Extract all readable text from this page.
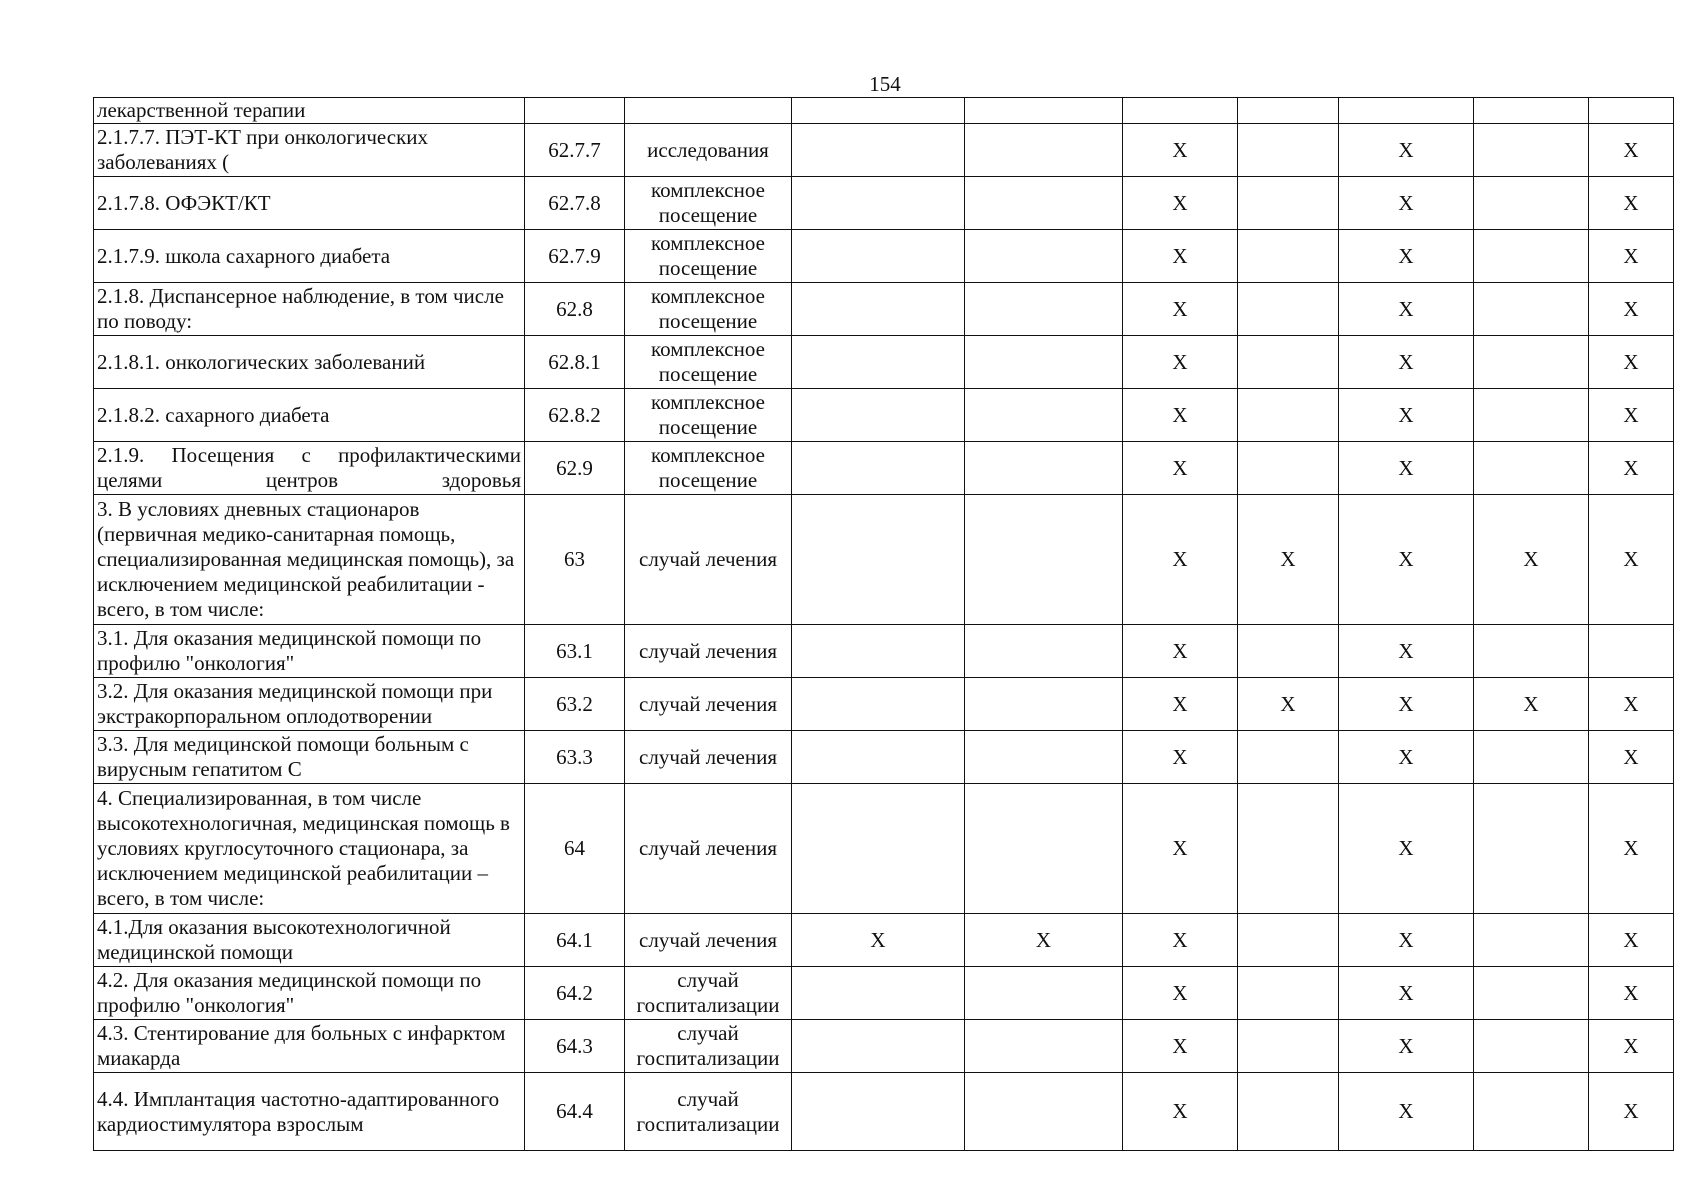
154
лекарственной терапии									
2.1.7.7. ПЭТ-КТ при онкологических заболеваниях (	62.7.7	исследования			X		X		X
2.1.7.8. ОФЭКТ/КТ	62.7.8	комплексное посещение			X		X		X
2.1.7.9. школа сахарного диабета	62.7.9	комплексное посещение			X		X		X
2.1.8. Диспансерное наблюдение, в том числе по поводу:	62.8	комплексное посещение			X		X		X
2.1.8.1. онкологических заболеваний	62.8.1	комплексное посещение			X		X		X
2.1.8.2. сахарного диабета	62.8.2	комплексное посещение			X		X		X
2.1.9. Посещения с профилактическими целями центров здоровья	62.9	комплексное посещение			X		X		X
3. В условиях дневных стационаров (первичная медико-санитарная помощь, специализированная медицинская помощь), за исключением медицинской реабилитации - всего, в том числе:	63	случай лечения			X	X	X	X	X
3.1. Для оказания медицинской помощи по профилю "онкология"	63.1	случай лечения			X		X		
3.2. Для оказания медицинской помощи при экстракорпоральном оплодотворении	63.2	случай лечения			X	X	X	X	X
3.3. Для медицинской помощи больным с вирусным гепатитом С	63.3	случай лечения			X		X		X
4. Специализированная, в том числе высокотехнологичная, медицинская помощь в условиях круглосуточного стационара, за исключением медицинской реабилитации – всего, в том числе:	64	случай лечения			X		X		X
4.1.Для оказания высокотехнологичной медицинской помощи	64.1	случай лечения	X	X	X		X		X
4.2. Для оказания медицинской помощи по профилю "онкология"	64.2	случай госпитализации			X		X		X
4.3. Стентирование для больных с инфарктом миакарда	64.3	случай госпитализации			X		X		X
4.4. Имплантация частотно-адаптированного кардиостимулятора взрослым	64.4	случай госпитализации			X		X		X
